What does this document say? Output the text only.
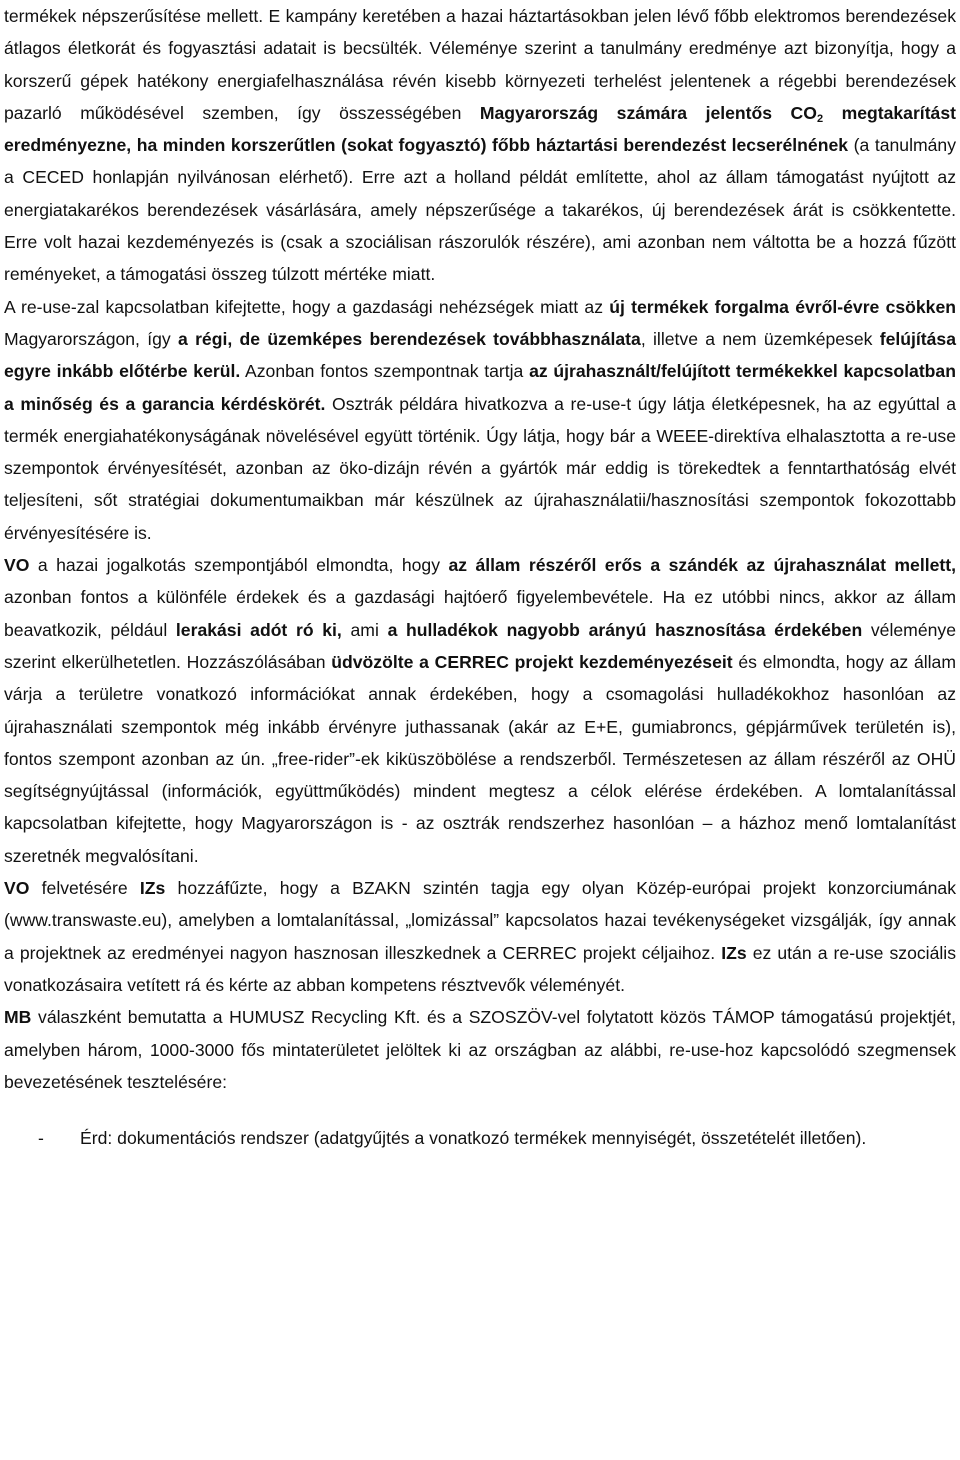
termékek népszerűsítése mellett. E kampány keretében a hazai háztartásokban jelen lévő főbb elektromos berendezések átlagos életkorát és fogyasztási adatait is becsülték. Véleménye szerint a tanulmány eredménye azt bizonyítja, hogy a korszerű gépek hatékony energiafelhasználása révén kisebb környezeti terhelést jelentenek a régebbi berendezések pazarló működésével szemben, így összességében Magyarország számára jelentős $CO_2$ megtakarítást eredményezne, ha minden korszerűtlen (sokat fogyasztó) főbb háztartási berendezést lecserélnének (a tanulmány a CECED honlapján nyilvánosan elérhető). Erre azt a holland példát említette, ahol az állam támogatást nyújtott az energiatakarékos berendezések vásárlására, amely népszerűsége a takarékos, új berendezések árát is csökkentette. Erre volt hazai kezdeményezés is (csak a szociálisan rászorulók részére), ami azonban nem váltotta be a hozzá fűzött reményeket, a támogatási összeg túlzott mértéke miatt.

A re-use-zal kapcsolatban kifejtette, hogy a gazdasági nehézségek miatt az új termékek forgalma évről-évre csökken Magyarországon, így a régi, de üzemképes berendezések továbbhasználata, illetve a nem üzemképesek felújítása egyre inkább előtérbe kerül. Azonban fontos szempontnak tartja az újrahasznált/felújított termékekkel kapcsolatban a minőség és a garancia kérdéskörét. Osztrák példára hivatkozva a re-use-t úgy látja életképesnek, ha az egyúttal a termék energiahatékonyságának növelésével együtt történik. Úgy látja, hogy bár a WEEE-direktíva elhalasztotta a re-use szempontok érvényesítését, azonban az öko-dizájn révén a gyártók már eddig is törekedtek a fenntarthatóság elvét teljesíteni, sőt stratégiai dokumentumaikban már készülnek az újrahasználatii/hasznosítási szempontok fokozottabb érvényesítésére is.

VO a hazai jogalkotás szempontjából elmondta, hogy az állam részéről erős a szándék az újrahasználat mellett, azonban fontos a különféle érdekek és a gazdasági hajtóerő figyelembevétele. Ha ez utóbbi nincs, akkor az állam beavatkozik, például lerakási adót ró ki, ami a hulladékok nagyobb arányú hasznosítása érdekében véleménye szerint elkerülhetetlen. Hozzászólásában üdvözölte a CERREC projekt kezdeményezéseit és elmondta, hogy az állam várja a területre vonatkozó információkat annak érdekében, hogy a csomagolási hulladékokhoz hasonlóan az újrahasználati szempontok még inkább érvényre juthassanak (akár az E+E, gumiabroncs, gépjárművek területén is), fontos szempont azonban az ún. „free-rider”-ek kiküszöbölése a rendszerből. Természetesen az állam részéről az OHÜ segítségnyújtással (információk, együttműködés) mindent megtesz a célok elérése érdekében. A lomtalanítással kapcsolatban kifejtette, hogy Magyarországon is - az osztrák rendszerhez hasonlóan – a házhoz menő lomtalanítást szeretnék megvalósítani.

VO felvetésére IZs hozzáfűzte, hogy a BZAKN szintén tagja egy olyan Közép-európai projekt konzorciumának (www.transwaste.eu), amelyben a lomtalanítással, „lomizással” kapcsolatos hazai tevékenységeket vizsgálják, így annak a projektnek az eredményei nagyon hasznosan illeszkednek a CERREC projekt céljaihoz. IZs ez után a re-use szociális vonatkozásaira vetített rá és kérte az abban kompetens résztvevők véleményét.

MB válaszként bemutatta a HUMUSZ Recycling Kft. és a SZOSZÖV-vel folytatott közös TÁMOP támogatású projektjét, amelyben három, 1000-3000 fős mintaterületet jelöltek ki az országban az alábbi, re-use-hoz kapcsolódó szegmensek bevezetésének tesztelésére:

- Érd: dokumentációs rendszer (adatgyűjtés a vonatkozó termékek mennyiségét, összetételét illetően).
